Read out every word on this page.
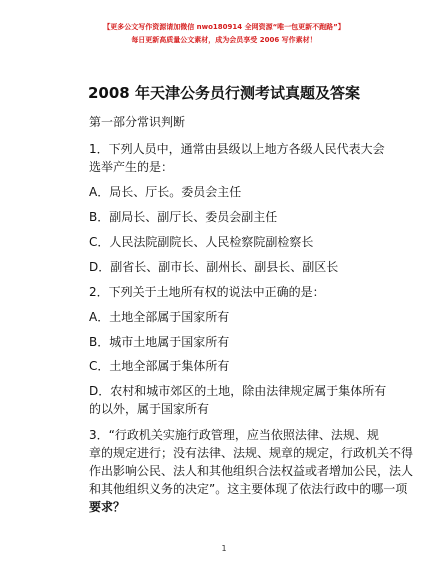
【更多公文写作资源请加微信 nwo180914 全网资源“唯一包更新不跑路”】
每日更新高质量公文素材，成为会员享受 2006 写作素材！
2008 年天津公务员行测考试真题及答案
第一部分常识判断
1．下列人员中，通常由县级以上地方各级人民代表大会
选举产生的是：
A．局长、厅长。委员会主任
B．副局长、副厅长、委员会副主任
C．人民法院副院长、人民检察院副检察长
D．副省长、副市长、副州长、副县长、副区长
2．下列关于土地所有权的说法中正确的是：
A．土地全部属于国家所有
B．城市土地属于国家所有
C．土地全部属于集体所有
D．农村和城市郊区的土地，除由法律规定属于集体所有
的以外，属于国家所有
3．“行政机关实施行政管理，应当依照法律、法规、规
章的规定进行；没有法律、法规、规章的规定，行政机关不得
作出影响公民、法人和其他组织合法权益或者增加公民，法人
和其他组织义务的决定”。这主要体现了依法行政中的哪一项
要求？
1
